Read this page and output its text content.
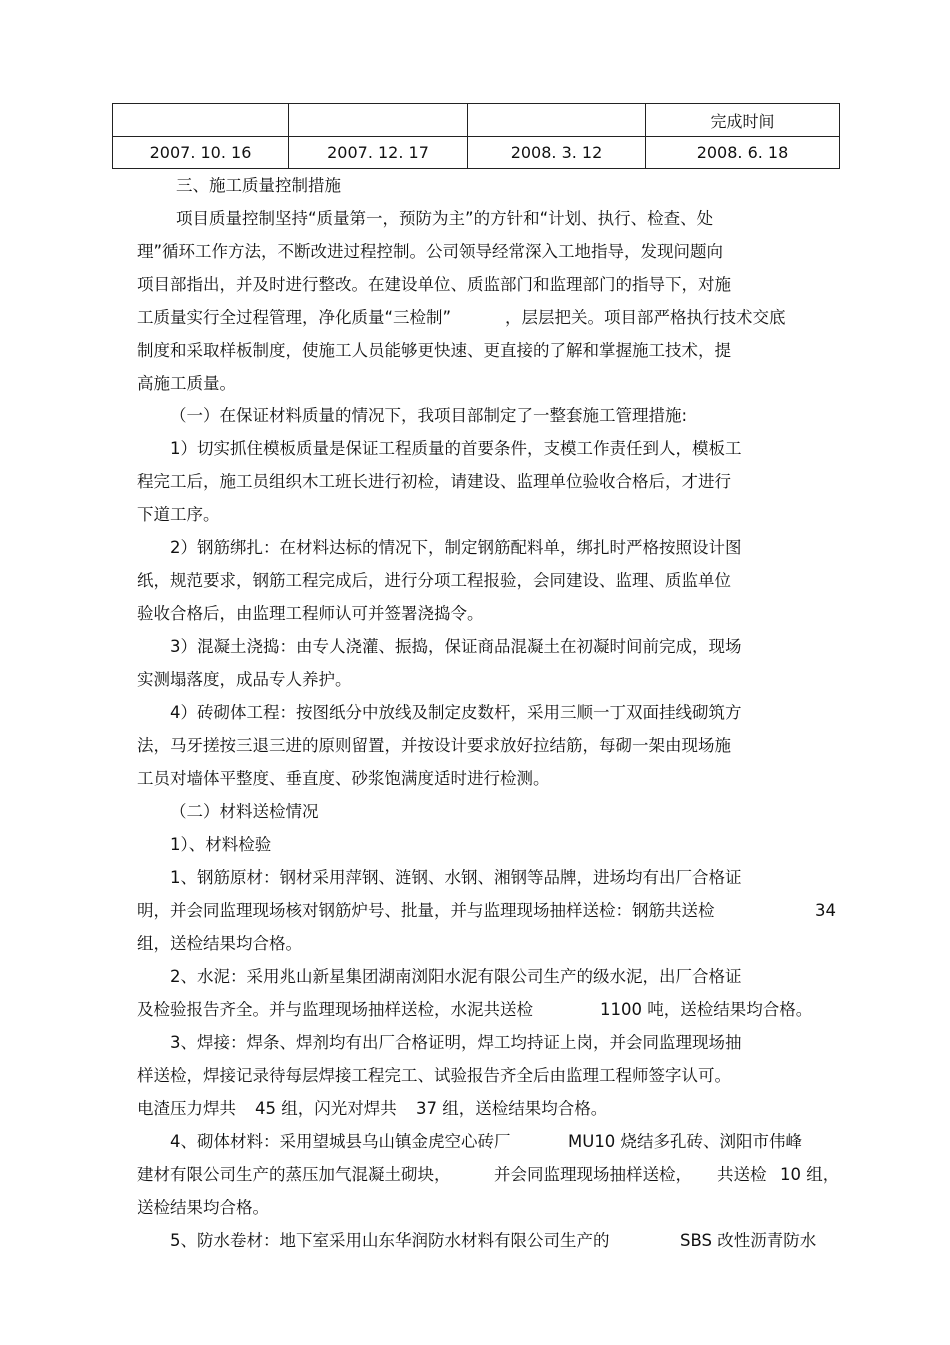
			完成时间
2007. 10. 16	2007. 12. 17	2008. 3. 12	2008. 6. 18
三、施工质量控制措施
项目质量控制坚持“质量第一，预防为主”的方针和“计划、执行、检查、处
理”循环工作方法，不断改进过程控制。公司领导经常深入工地指导，发现问题向
项目部指出，并及时进行整改。在建设单位、质监部门和监理部门的指导下，对施
工质量实行全过程管理，净化质量“三检制”	，层层把关。项目部严格执行技术交底
制度和采取样板制度，使施工人员能够更快速、更直接的了解和掌握施工技术，提
高施工质量。
（一）在保证材料质量的情况下，我项目部制定了一整套施工管理措施:
1）切实抓住模板质量是保证工程质量的首要条件，支模工作责任到人，模板工
程完工后，施工员组织木工班长进行初检，请建设、监理单位验收合格后，才进行
下道工序。
2）钢筋绑扎：在材料达标的情况下，制定钢筋配料单，绑扎时严格按照设计图
纸，规范要求，钢筋工程完成后，进行分项工程报验，会同建设、监理、质监单位
验收合格后，由监理工程师认可并签署浇捣令。
3）混凝土浇捣：由专人浇灌、振捣，保证商品混凝土在初凝时间前完成，现场
实测塌落度，成品专人养护。
4）砖砌体工程：按图纸分中放线及制定皮数杆，采用三顺一丁双面挂线砌筑方
法，马牙搓按三退三进的原则留置，并按设计要求放好拉结筋，每砌一架由现场施
工员对墙体平整度、垂直度、砂浆饱满度适时进行检测。
（二）材料送检情况
1）、材料检验
1、钢筋原材：钢材采用萍钢、涟钢、水钢、湘钢等品牌，进场均有出厂合格证
明，并会同监理现场核对钢筋炉号、批量，并与监理现场抽样送检：钢筋共送检	34
组，送检结果均合格。
2、水泥：采用兆山新星集团湖南浏阳水泥有限公司生产的级水泥，出厂合格证
及检验报告齐全。并与监理现场抽样送检，水泥共送检	1100 吨，送检结果均合格。
3、焊接：焊条、焊剂均有出厂合格证明，焊工均持证上岗，并会同监理现场抽
样送检，焊接记录待每层焊接工程完工、试验报告齐全后由监理工程师签字认可。
电渣压力焊共 45 组，闪光对焊共 37 组，送检结果均合格。
4、砌体材料：采用望城县乌山镇金虎空心砖厂	MU10 烧结多孔砖、浏阳市伟峰
建材有限公司生产的蒸压加气混凝土砌块，	并会同监理现场抽样送检， 共送检 10 组，
送检结果均合格。
5、防水卷材：地下室采用山东华润防水材料有限公司生产的	SBS 改性沥青防水
